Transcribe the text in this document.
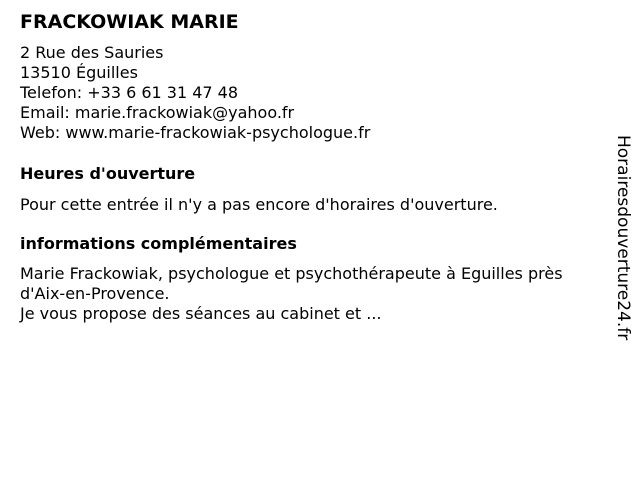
FRACKOWIAK MARIE

2 Rue des Sauries

13510 Éguilles

Telefon: +33 6 61 31 47 48

Email: marie.frackowiak@yahoo.fr

Web: www.marie-frackowiak-psychologue.fr

Heures d'ouverture

Pour cette entrée il n'y a pas encore d'horaires d'ouverture.

informations complémentaires

Marie Frackowiak, psychologue et psychothérapeute à Eguilles près d'Aix-en-Provence.

Je vous propose des séances au cabinet et ...	Horairesdouverture24.fr
